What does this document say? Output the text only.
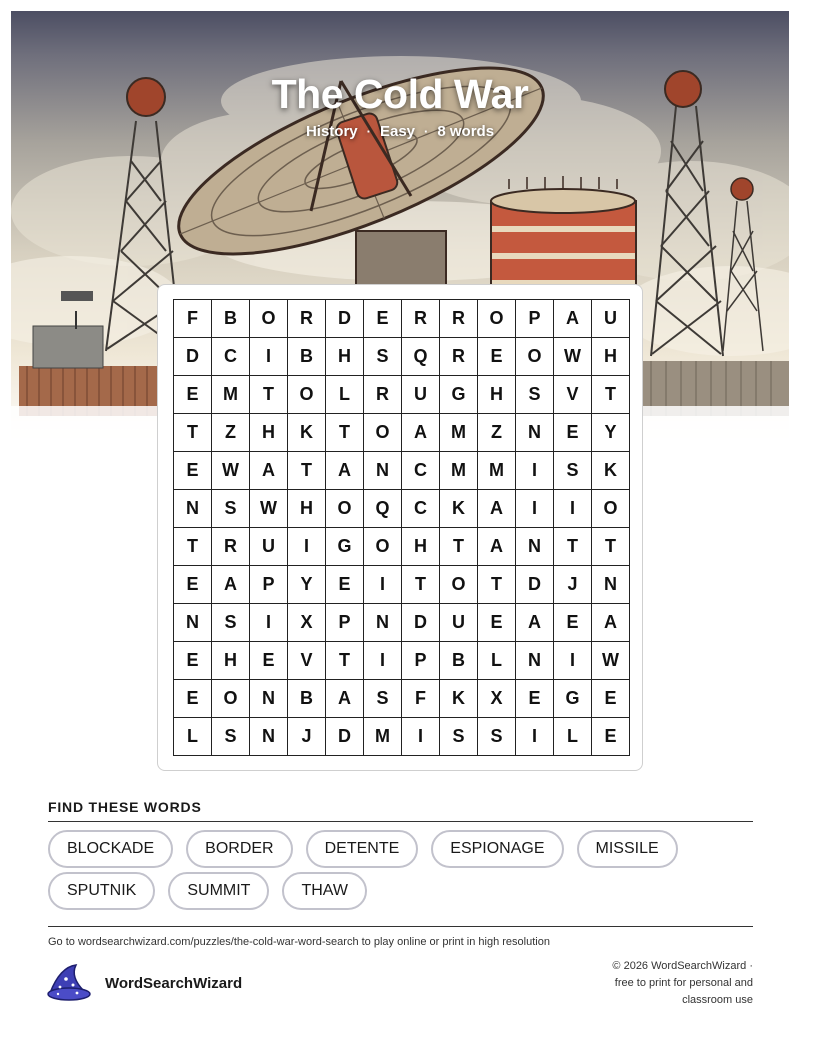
The Cold War
History · Easy · 8 words
F	B	O	R	D	E	R	R	O	P	A	U
D	C	I	B	H	S	Q	R	E	O	W	H
E	M	T	O	L	R	U	G	H	S	V	T
T	Z	H	K	T	O	A	M	Z	N	E	Y
E	W	A	T	A	N	C	M	M	I	S	K
N	S	W	H	O	Q	C	K	A	I	I	O
T	R	U	I	G	O	H	T	A	N	T	T
E	A	P	Y	E	I	T	O	T	D	J	N
N	S	I	X	P	N	D	U	E	A	E	A
E	H	E	V	T	I	P	B	L	N	I	W
E	O	N	B	A	S	F	K	X	E	G	E
L	S	N	J	D	M	I	S	S	I	L	E
FIND THESE WORDS
BLOCKADE	BORDER	DETENTE	ESPIONAGE	MISSILE
SPUTNIK	SUMMIT	THAW
Go to wordsearchwizard.com/puzzles/the-cold-war-word-search to play online or print in high resolution
WordSearchWizard
© 2026 WordSearchWizard ·
free to print for personal and
classroom use
